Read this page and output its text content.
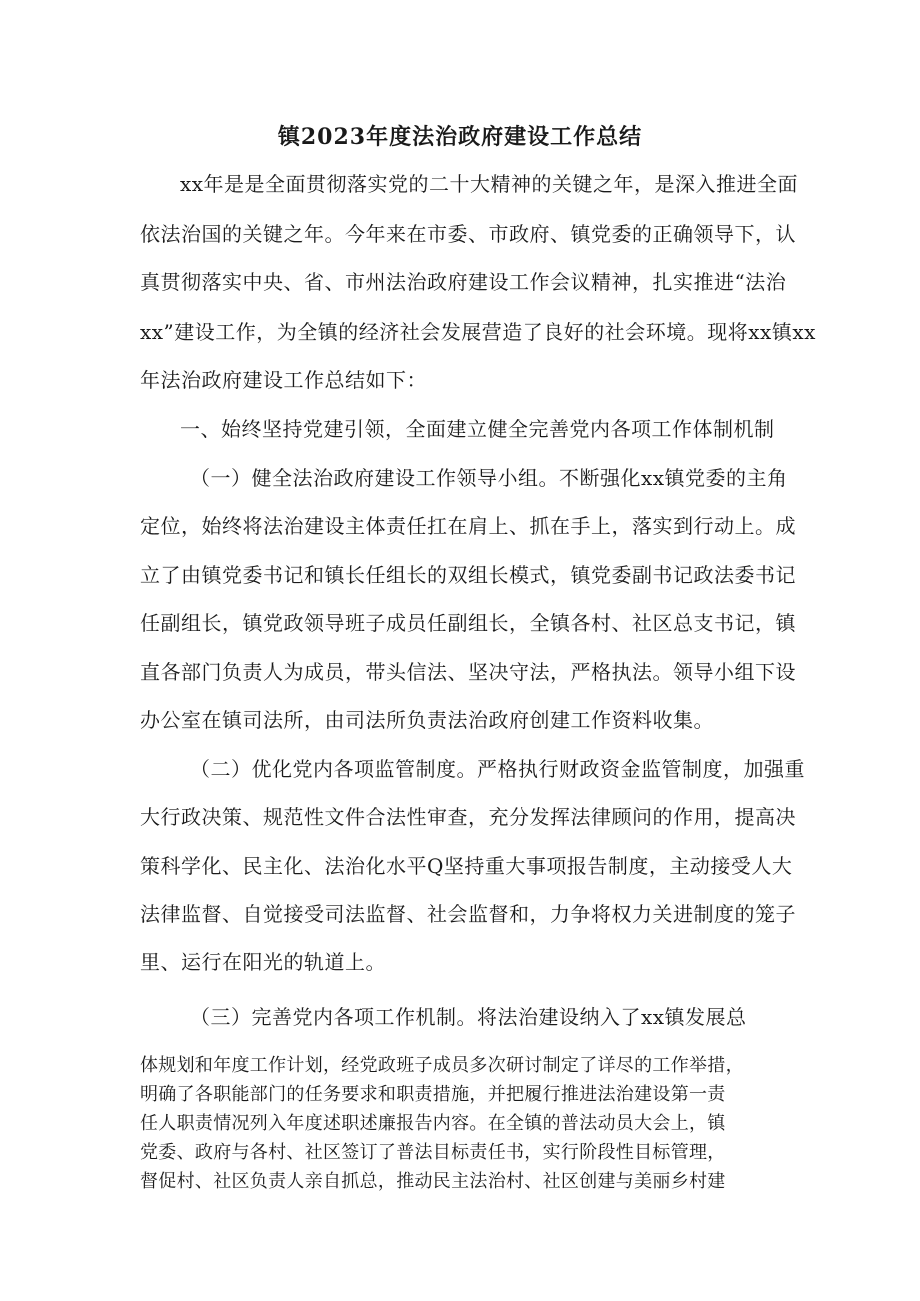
镇2023年度法治政府建设工作总结
xx年是是全面贯彻落实党的二十大精神的关键之年，是深入推进全面
依法治国的关键之年。今年来在市委、市政府、镇党委的正确领导下，认
真贯彻落实中央、省、市州法治政府建设工作会议精神，扎实推进“法治
xx”建设工作，为全镇的经济社会发展营造了良好的社会环境。现将xx镇xx
年法治政府建设工作总结如下：
一、始终坚持党建引领，全面建立健全完善党内各项工作体制机制
（一）健全法治政府建设工作领导小组。不断强化xx镇党委的主角
定位，始终将法治建设主体责任扛在肩上、抓在手上，落实到行动上。成
立了由镇党委书记和镇长任组长的双组长模式，镇党委副书记政法委书记
任副组长，镇党政领导班子成员任副组长，全镇各村、社区总支书记，镇
直各部门负责人为成员，带头信法、坚决守法，严格执法。领导小组下设
办公室在镇司法所，由司法所负责法治政府创建工作资料收集。
（二）优化党内各项监管制度。严格执行财政资金监管制度，加强重
大行政决策、规范性文件合法性审查，充分发挥法律顾问的作用，提高决
策科学化、民主化、法治化水平Q坚持重大事项报告制度，主动接受人大
法律监督、自觉接受司法监督、社会监督和，力争将权力关进制度的笼子
里、运行在阳光的轨道上。
（三）完善党内各项工作机制。将法治建设纳入了xx镇发展总
体规划和年度工作计划，经党政班子成员多次研讨制定了详尽的工作举措，
明确了各职能部门的任务要求和职责措施，并把履行推进法治建设第一责
任人职责情况列入年度述职述廉报告内容。在全镇的普法动员大会上，镇
党委、政府与各村、社区签订了普法目标责任书，实行阶段性目标管理，
督促村、社区负责人亲自抓总，推动民主法治村、社区创建与美丽乡村建
